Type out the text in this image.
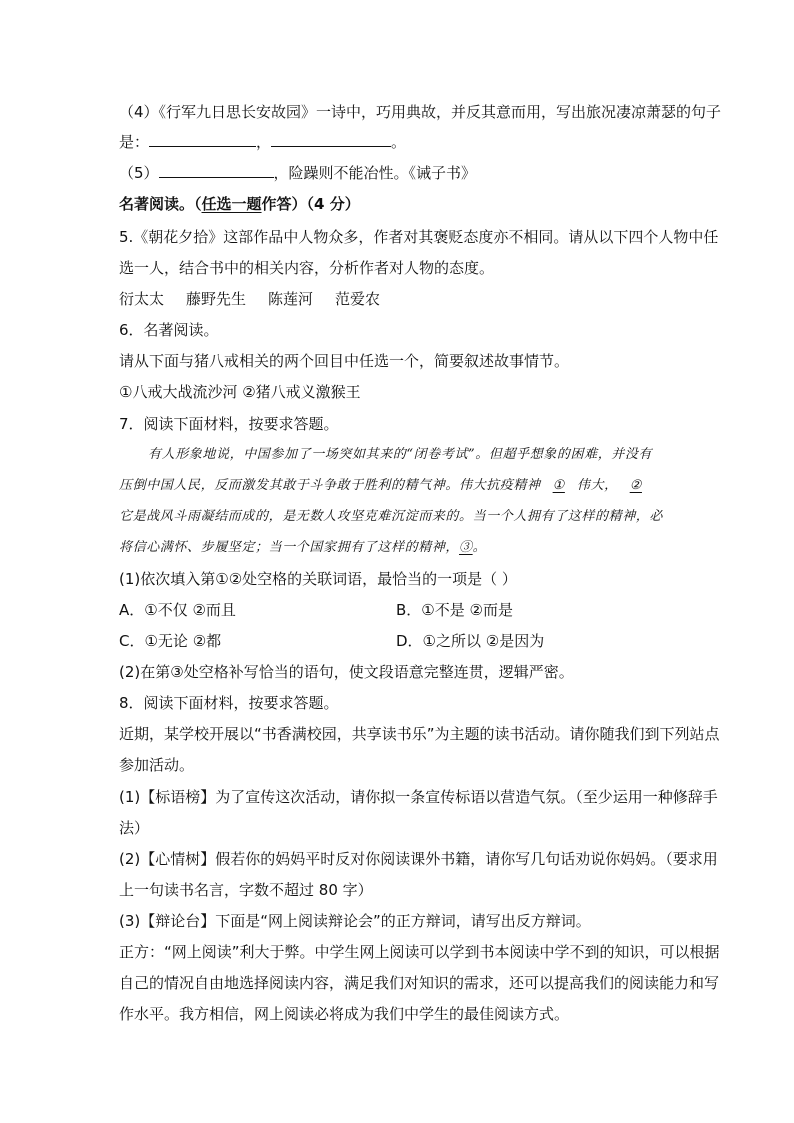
（4）《行军九日思长安故园》一诗中，巧用典故，并反其意而用，写出旅况凄凉萧瑟的句子
是：	，	。
（5）	，险躁则不能冶性。《诫子书》
名著阅读。（任选一题作答）（4 分）
5.《朝花夕拾》这部作品中人物众多，作者对其褒贬态度亦不相同。请从以下四个人物中任
选一人，结合书中的相关内容，分析作者对人物的态度。
衍太太 藤野先生 陈莲河 范爱农
6．名著阅读。
请从下面与猪八戒相关的两个回目中任选一个，简要叙述故事情节。
①八戒大战流沙河 ②猪八戒义激猴王
7．阅读下面材料，按要求答题。
有人形象地说，中国参加了一场突如其来的“闭卷考试”。但超乎想象的困难，并没有
压倒中国人民，反而激发其敢于斗争敢于胜利的精气神。伟大抗疫精神 ① 伟大， ②
它是战风斗雨凝结而成的，是无数人攻坚克难沉淀而来的。当一个人拥有了这样的精神，必
将信心满怀、步履坚定；当一个国家拥有了这样的精神，③。
(1)依次填入第①②处空格的关联词语，最恰当的一项是（ ）
A．①不仅 ②而且	B．①不是 ②而是
C．①无论 ②都	D．①之所以 ②是因为
(2)在第③处空格补写恰当的语句，使文段语意完整连贯，逻辑严密。
8．阅读下面材料，按要求答题。
近期，某学校开展以“书香满校园，共享读书乐”为主题的读书活动。请你随我们到下列站点
参加活动。
(1)【标语榜】为了宣传这次活动，请你拟一条宣传标语以营造气氛。（至少运用一种修辞手
法）
(2)【心情树】假若你的妈妈平时反对你阅读课外书籍，请你写几句话劝说你妈妈。（要求用
上一句读书名言，字数不超过 80 字）
(3)【辩论台】下面是“网上阅读辩论会”的正方辩词，请写出反方辩词。
正方：“网上阅读”利大于弊。中学生网上阅读可以学到书本阅读中学不到的知识，可以根据
自己的情况自由地选择阅读内容，满足我们对知识的需求，还可以提高我们的阅读能力和写
作水平。我方相信，网上阅读必将成为我们中学生的最佳阅读方式。
